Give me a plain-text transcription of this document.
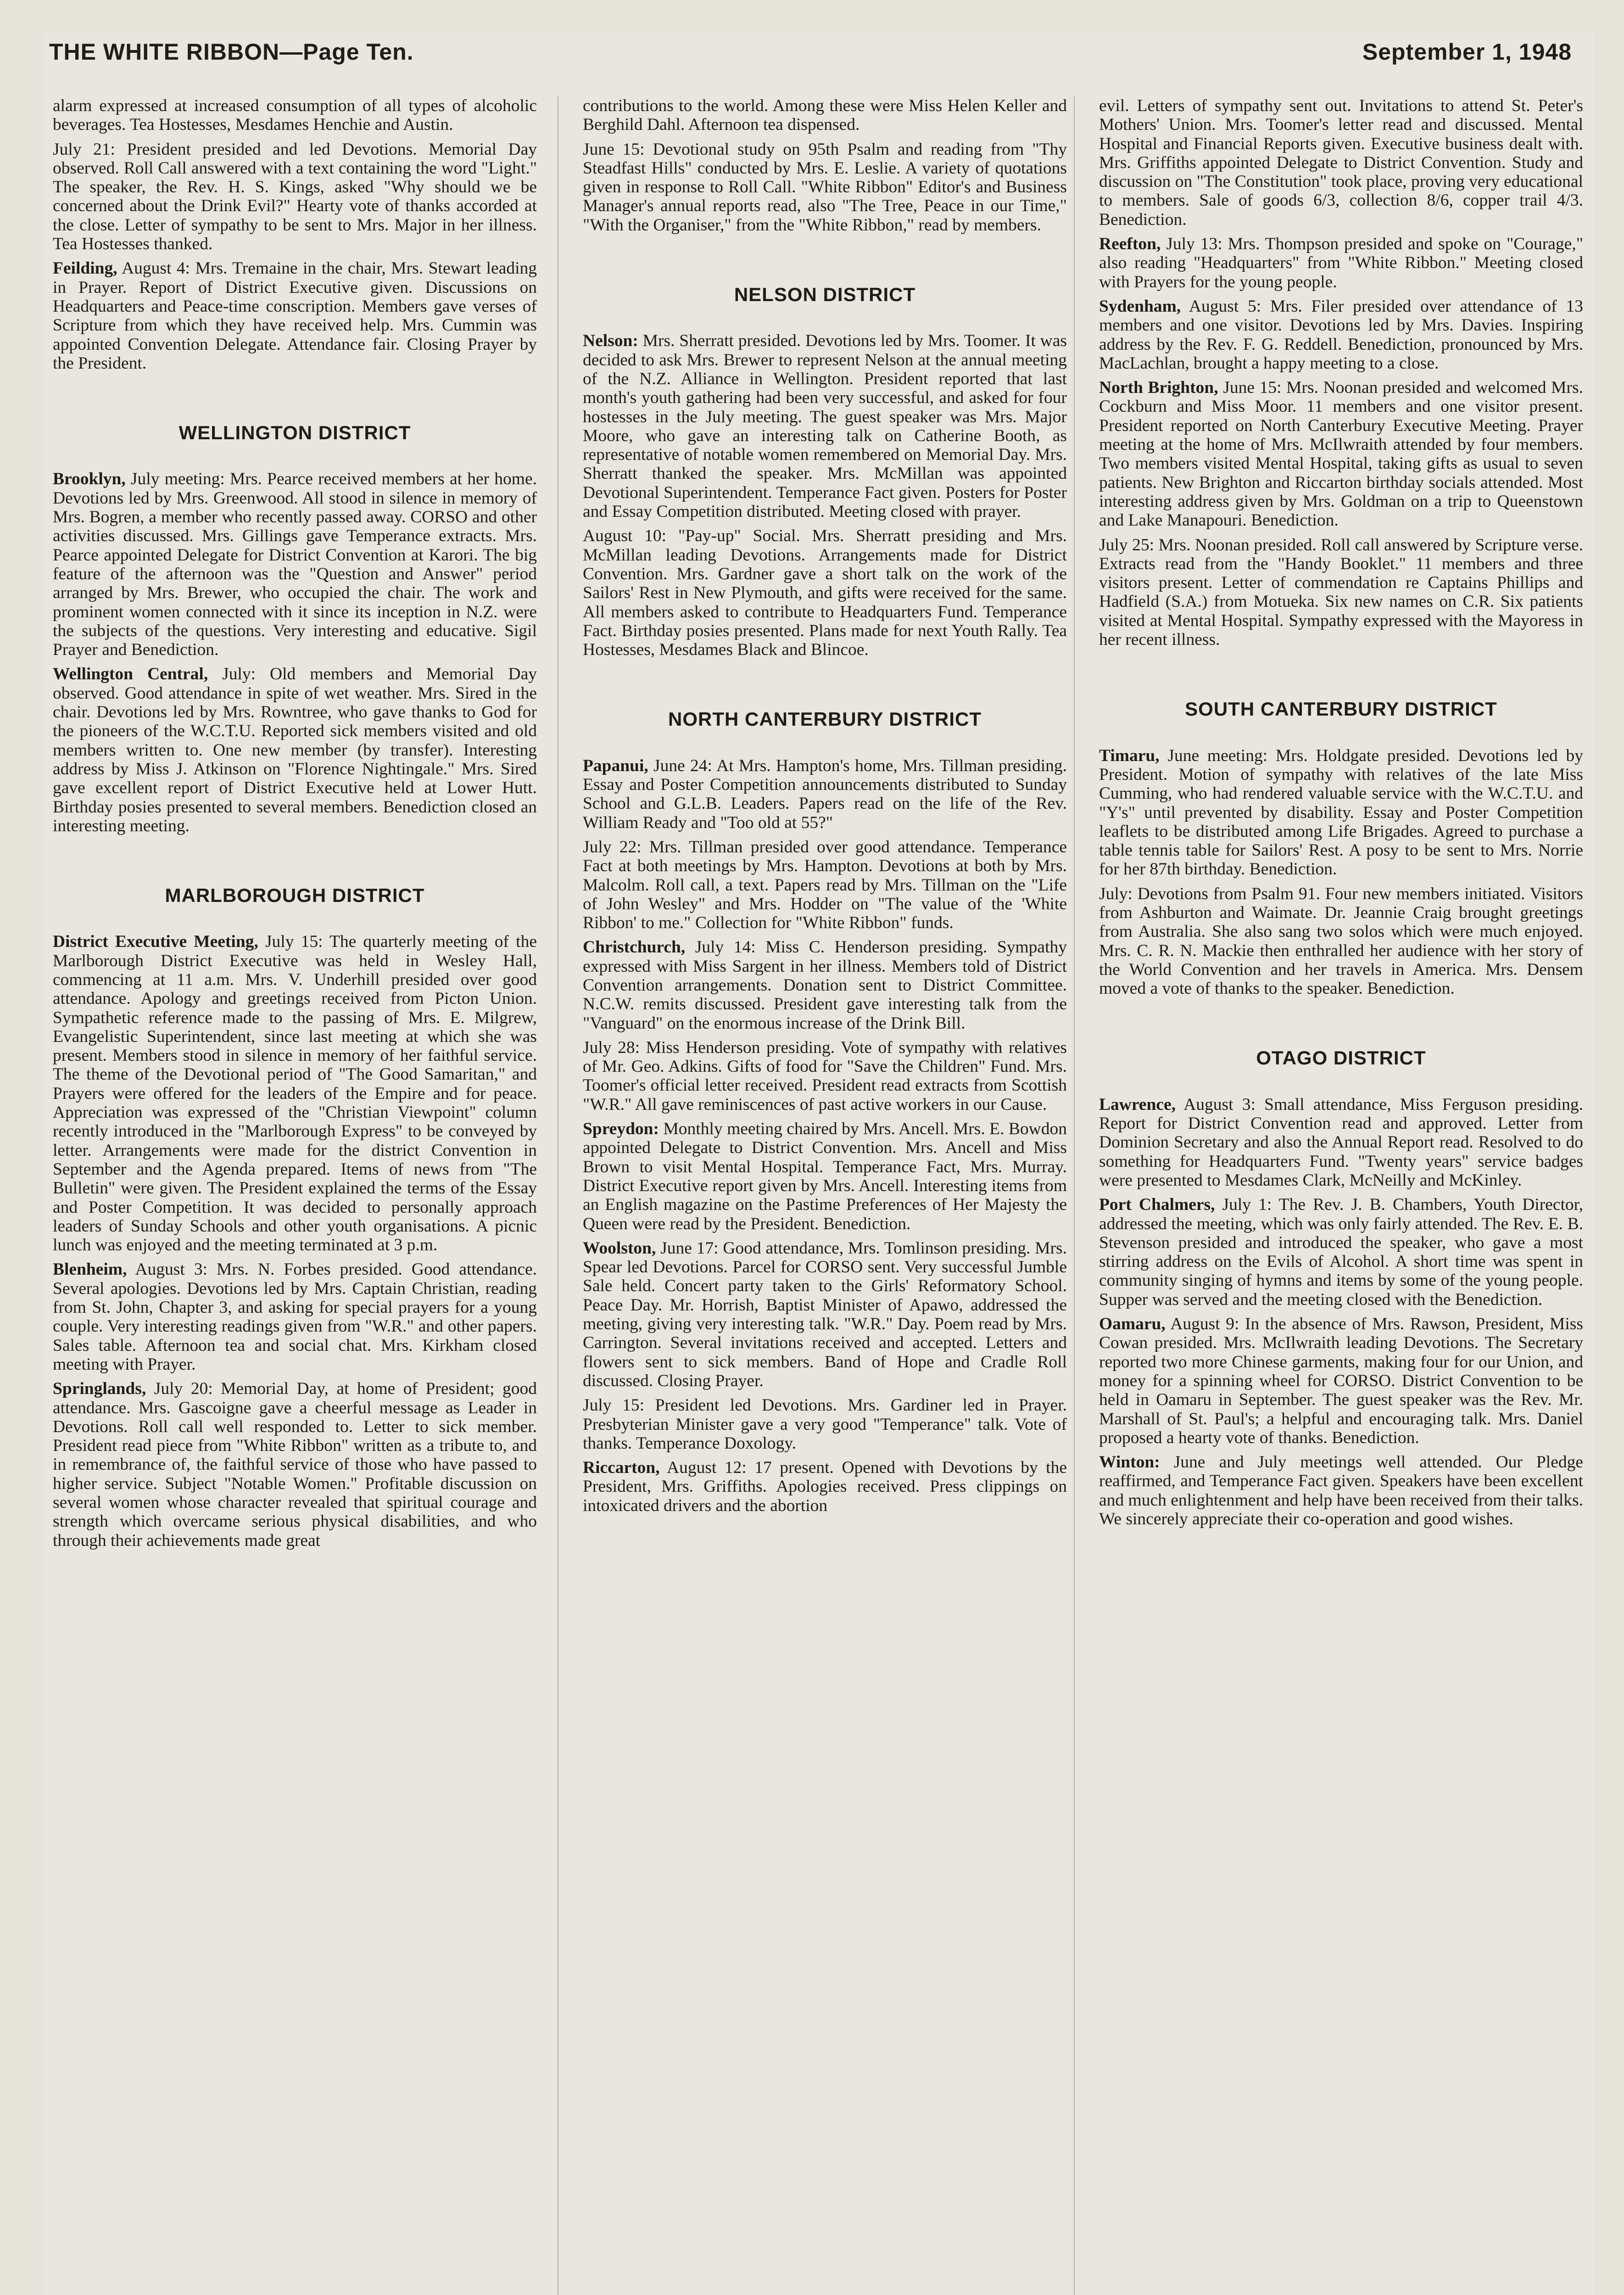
THE WHITE RIBBON—Page Ten.	September 1, 1948

alarm expressed at increased consumption of all types of alcoholic beverages. Tea Hostesses, Mesdames Henchie and Austin.

July 21: President presided and led Devotions. Memorial Day observed. Roll Call answered with a text containing the word "Light." The speaker, the Rev. H. S. Kings, asked "Why should we be concerned about the Drink Evil?" Hearty vote of thanks accorded at the close. Letter of sympathy to be sent to Mrs. Major in her illness. Tea Hostesses thanked.

Feilding, August 4: Mrs. Tremaine in the chair, Mrs. Stewart leading in Prayer. Report of District Executive given. Discussions on Headquarters and Peace-time conscription. Members gave verses of Scripture from which they have received help. Mrs. Cummin was appointed Convention Delegate. Attendance fair. Closing Prayer by the President.

WELLINGTON DISTRICT

Brooklyn, July meeting: Mrs. Pearce received members at her home. Devotions led by Mrs. Greenwood. All stood in silence in memory of Mrs. Bogren, a member who recently passed away. CORSO and other activities discussed. Mrs. Gillings gave Temperance extracts. Mrs. Pearce appointed Delegate for District Convention at Karori. The big feature of the afternoon was the "Question and Answer" period arranged by Mrs. Brewer, who occupied the chair. The work and prominent women connected with it since its inception in N.Z. were the subjects of the questions. Very interesting and educative. Sigil Prayer and Benediction.

Wellington Central, July: Old members and Memorial Day observed. Good attendance in spite of wet weather. Mrs. Sired in the chair. Devotions led by Mrs. Rowntree, who gave thanks to God for the pioneers of the W.C.T.U. Reported sick members visited and old members written to. One new member (by transfer). Interesting address by Miss J. Atkinson on "Florence Nightingale." Mrs. Sired gave excellent report of District Executive held at Lower Hutt. Birthday posies presented to several members. Benediction closed an interesting meeting.

MARLBOROUGH DISTRICT

District Executive Meeting, July 15: The quarterly meeting of the Marlborough District Executive was held in Wesley Hall, commencing at 11 a.m. Mrs. V. Underhill presided over good attendance. Apology and greetings received from Picton Union. Sympathetic reference made to the passing of Mrs. E. Milgrew, Evangelistic Superintendent, since last meeting at which she was present. Members stood in silence in memory of her faithful service. The theme of the Devotional period of "The Good Samaritan," and Prayers were offered for the leaders of the Empire and for peace. Appreciation was expressed of the "Christian Viewpoint" column recently introduced in the "Marlborough Express" to be conveyed by letter. Arrangements were made for the district Convention in September and the Agenda prepared. Items of news from "The Bulletin" were given. The President explained the terms of the Essay and Poster Competition. It was decided to personally approach leaders of Sunday Schools and other youth organisations. A picnic lunch was enjoyed and the meeting terminated at 3 p.m.

Blenheim, August 3: Mrs. N. Forbes presided. Good attendance. Several apologies. Devotions led by Mrs. Captain Christian, reading from St. John, Chapter 3, and asking for special prayers for a young couple. Very interesting readings given from "W.R." and other papers. Sales table. Afternoon tea and social chat. Mrs. Kirkham closed meeting with Prayer.

Springlands, July 20: Memorial Day, at home of President; good attendance. Mrs. Gascoigne gave a cheerful message as Leader in Devotions. Roll call well responded to. Letter to sick member. President read piece from "White Ribbon" written as a tribute to, and in remembrance of, the faithful service of those who have passed to higher service. Subject "Notable Women." Profitable discussion on several women whose character revealed that spiritual courage and strength which overcame serious physical disabilities, and who through their achievements made great

contributions to the world. Among these were Miss Helen Keller and Berghild Dahl. Afternoon tea dispensed.

June 15: Devotional study on 95th Psalm and reading from "Thy Steadfast Hills" conducted by Mrs. E. Leslie. A variety of quotations given in response to Roll Call. "White Ribbon" Editor's and Business Manager's annual reports read, also "The Tree, Peace in our Time," "With the Organiser," from the "White Ribbon," read by members.

NELSON DISTRICT

Nelson: Mrs. Sherratt presided. Devotions led by Mrs. Toomer. It was decided to ask Mrs. Brewer to represent Nelson at the annual meeting of the N.Z. Alliance in Wellington. President reported that last month's youth gathering had been very successful, and asked for four hostesses in the July meeting. The guest speaker was Mrs. Major Moore, who gave an interesting talk on Catherine Booth, as representative of notable women remembered on Memorial Day. Mrs. Sherratt thanked the speaker. Mrs. McMillan was appointed Devotional Superintendent. Temperance Fact given. Posters for Poster and Essay Competition distributed. Meeting closed with prayer.

August 10: "Pay-up" Social. Mrs. Sherratt presiding and Mrs. McMillan leading Devotions. Arrangements made for District Convention. Mrs. Gardner gave a short talk on the work of the Sailors' Rest in New Plymouth, and gifts were received for the same. All members asked to contribute to Headquarters Fund. Temperance Fact. Birthday posies presented. Plans made for next Youth Rally. Tea Hostesses, Mesdames Black and Blincoe.

NORTH CANTERBURY DISTRICT

Papanui, June 24: At Mrs. Hampton's home, Mrs. Tillman presiding. Essay and Poster Competition announcements distributed to Sunday School and G.L.B. Leaders. Papers read on the life of the Rev. William Ready and "Too old at 55?"

July 22: Mrs. Tillman presided over good attendance. Temperance Fact at both meetings by Mrs. Hampton. Devotions at both by Mrs. Malcolm. Roll call, a text. Papers read by Mrs. Tillman on the "Life of John Wesley" and Mrs. Hodder on "The value of the 'White Ribbon' to me." Collection for "White Ribbon" funds.

Christchurch, July 14: Miss C. Henderson presiding. Sympathy expressed with Miss Sargent in her illness. Members told of District Convention arrangements. Donation sent to District Committee. N.C.W. remits discussed. President gave interesting talk from the "Vanguard" on the enormous increase of the Drink Bill.

July 28: Miss Henderson presiding. Vote of sympathy with relatives of Mr. Geo. Adkins. Gifts of food for "Save the Children" Fund. Mrs. Toomer's official letter received. President read extracts from Scottish "W.R." All gave reminiscences of past active workers in our Cause.

Spreydon: Monthly meeting chaired by Mrs. Ancell. Mrs. E. Bowdon appointed Delegate to District Convention. Mrs. Ancell and Miss Brown to visit Mental Hospital. Temperance Fact, Mrs. Murray. District Executive report given by Mrs. Ancell. Interesting items from an English magazine on the Pastime Preferences of Her Majesty the Queen were read by the President. Benediction.

Woolston, June 17: Good attendance, Mrs. Tomlinson presiding. Mrs. Spear led Devotions. Parcel for CORSO sent. Very successful Jumble Sale held. Concert party taken to the Girls' Reformatory School. Peace Day. Mr. Horrish, Baptist Minister of Apawo, addressed the meeting, giving very interesting talk. "W.R." Day. Poem read by Mrs. Carrington. Several invitations received and accepted. Letters and flowers sent to sick members. Band of Hope and Cradle Roll discussed. Closing Prayer.

July 15: President led Devotions. Mrs. Gardiner led in Prayer. Presbyterian Minister gave a very good "Temperance" talk. Vote of thanks. Temperance Doxology.

Riccarton, August 12: 17 present. Opened with Devotions by the President, Mrs. Griffiths. Apologies received. Press clippings on intoxicated drivers and the abortion

evil. Letters of sympathy sent out. Invitations to attend St. Peter's Mothers' Union. Mrs. Toomer's letter read and discussed. Mental Hospital and Financial Reports given. Executive business dealt with. Mrs. Griffiths appointed Delegate to District Convention. Study and discussion on "The Constitution" took place, proving very educational to members. Sale of goods 6/3, collection 8/6, copper trail 4/3. Benediction.

Reefton, July 13: Mrs. Thompson presided and spoke on "Courage," also reading "Headquarters" from "White Ribbon." Meeting closed with Prayers for the young people.

Sydenham, August 5: Mrs. Filer presided over attendance of 13 members and one visitor. Devotions led by Mrs. Davies. Inspiring address by the Rev. F. G. Reddell. Benediction, pronounced by Mrs. MacLachlan, brought a happy meeting to a close.

North Brighton, June 15: Mrs. Noonan presided and welcomed Mrs. Cockburn and Miss Moor. 11 members and one visitor present. President reported on North Canterbury Executive Meeting. Prayer meeting at the home of Mrs. McIlwraith attended by four members. Two members visited Mental Hospital, taking gifts as usual to seven patients. New Brighton and Riccarton birthday socials attended. Most interesting address given by Mrs. Goldman on a trip to Queenstown and Lake Manapouri. Benediction.

July 25: Mrs. Noonan presided. Roll call answered by Scripture verse. Extracts read from the "Handy Booklet." 11 members and three visitors present. Letter of commendation re Captains Phillips and Hadfield (S.A.) from Motueka. Six new names on C.R. Six patients visited at Mental Hospital. Sympathy expressed with the Mayoress in her recent illness.

SOUTH CANTERBURY DISTRICT

Timaru, June meeting: Mrs. Holdgate presided. Devotions led by President. Motion of sympathy with relatives of the late Miss Cumming, who had rendered valuable service with the W.C.T.U. and "Y's" until prevented by disability. Essay and Poster Competition leaflets to be distributed among Life Brigades. Agreed to purchase a table tennis table for Sailors' Rest. A posy to be sent to Mrs. Norrie for her 87th birthday. Benediction.

July: Devotions from Psalm 91. Four new members initiated. Visitors from Ashburton and Waimate. Dr. Jeannie Craig brought greetings from Australia. She also sang two solos which were much enjoyed. Mrs. C. R. N. Mackie then enthralled her audience with her story of the World Convention and her travels in America. Mrs. Densem moved a vote of thanks to the speaker. Benediction.

OTAGO DISTRICT

Lawrence, August 3: Small attendance, Miss Ferguson presiding. Report for District Convention read and approved. Letter from Dominion Secretary and also the Annual Report read. Resolved to do something for Headquarters Fund. "Twenty years" service badges were presented to Mesdames Clark, McNeilly and McKinley.

Port Chalmers, July 1: The Rev. J. B. Chambers, Youth Director, addressed the meeting, which was only fairly attended. The Rev. E. B. Stevenson presided and introduced the speaker, who gave a most stirring address on the Evils of Alcohol. A short time was spent in community singing of hymns and items by some of the young people. Supper was served and the meeting closed with the Benediction.

Oamaru, August 9: In the absence of Mrs. Rawson, President, Miss Cowan presided. Mrs. McIlwraith leading Devotions. The Secretary reported two more Chinese garments, making four for our Union, and money for a spinning wheel for CORSO. District Convention to be held in Oamaru in September. The guest speaker was the Rev. Mr. Marshall of St. Paul's; a helpful and encouraging talk. Mrs. Daniel proposed a hearty vote of thanks. Benediction.

Winton: June and July meetings well attended. Our Pledge reaffirmed, and Temperance Fact given. Speakers have been excellent and much enlightenment and help have been received from their talks. We sincerely appreciate their co-operation and good wishes.
